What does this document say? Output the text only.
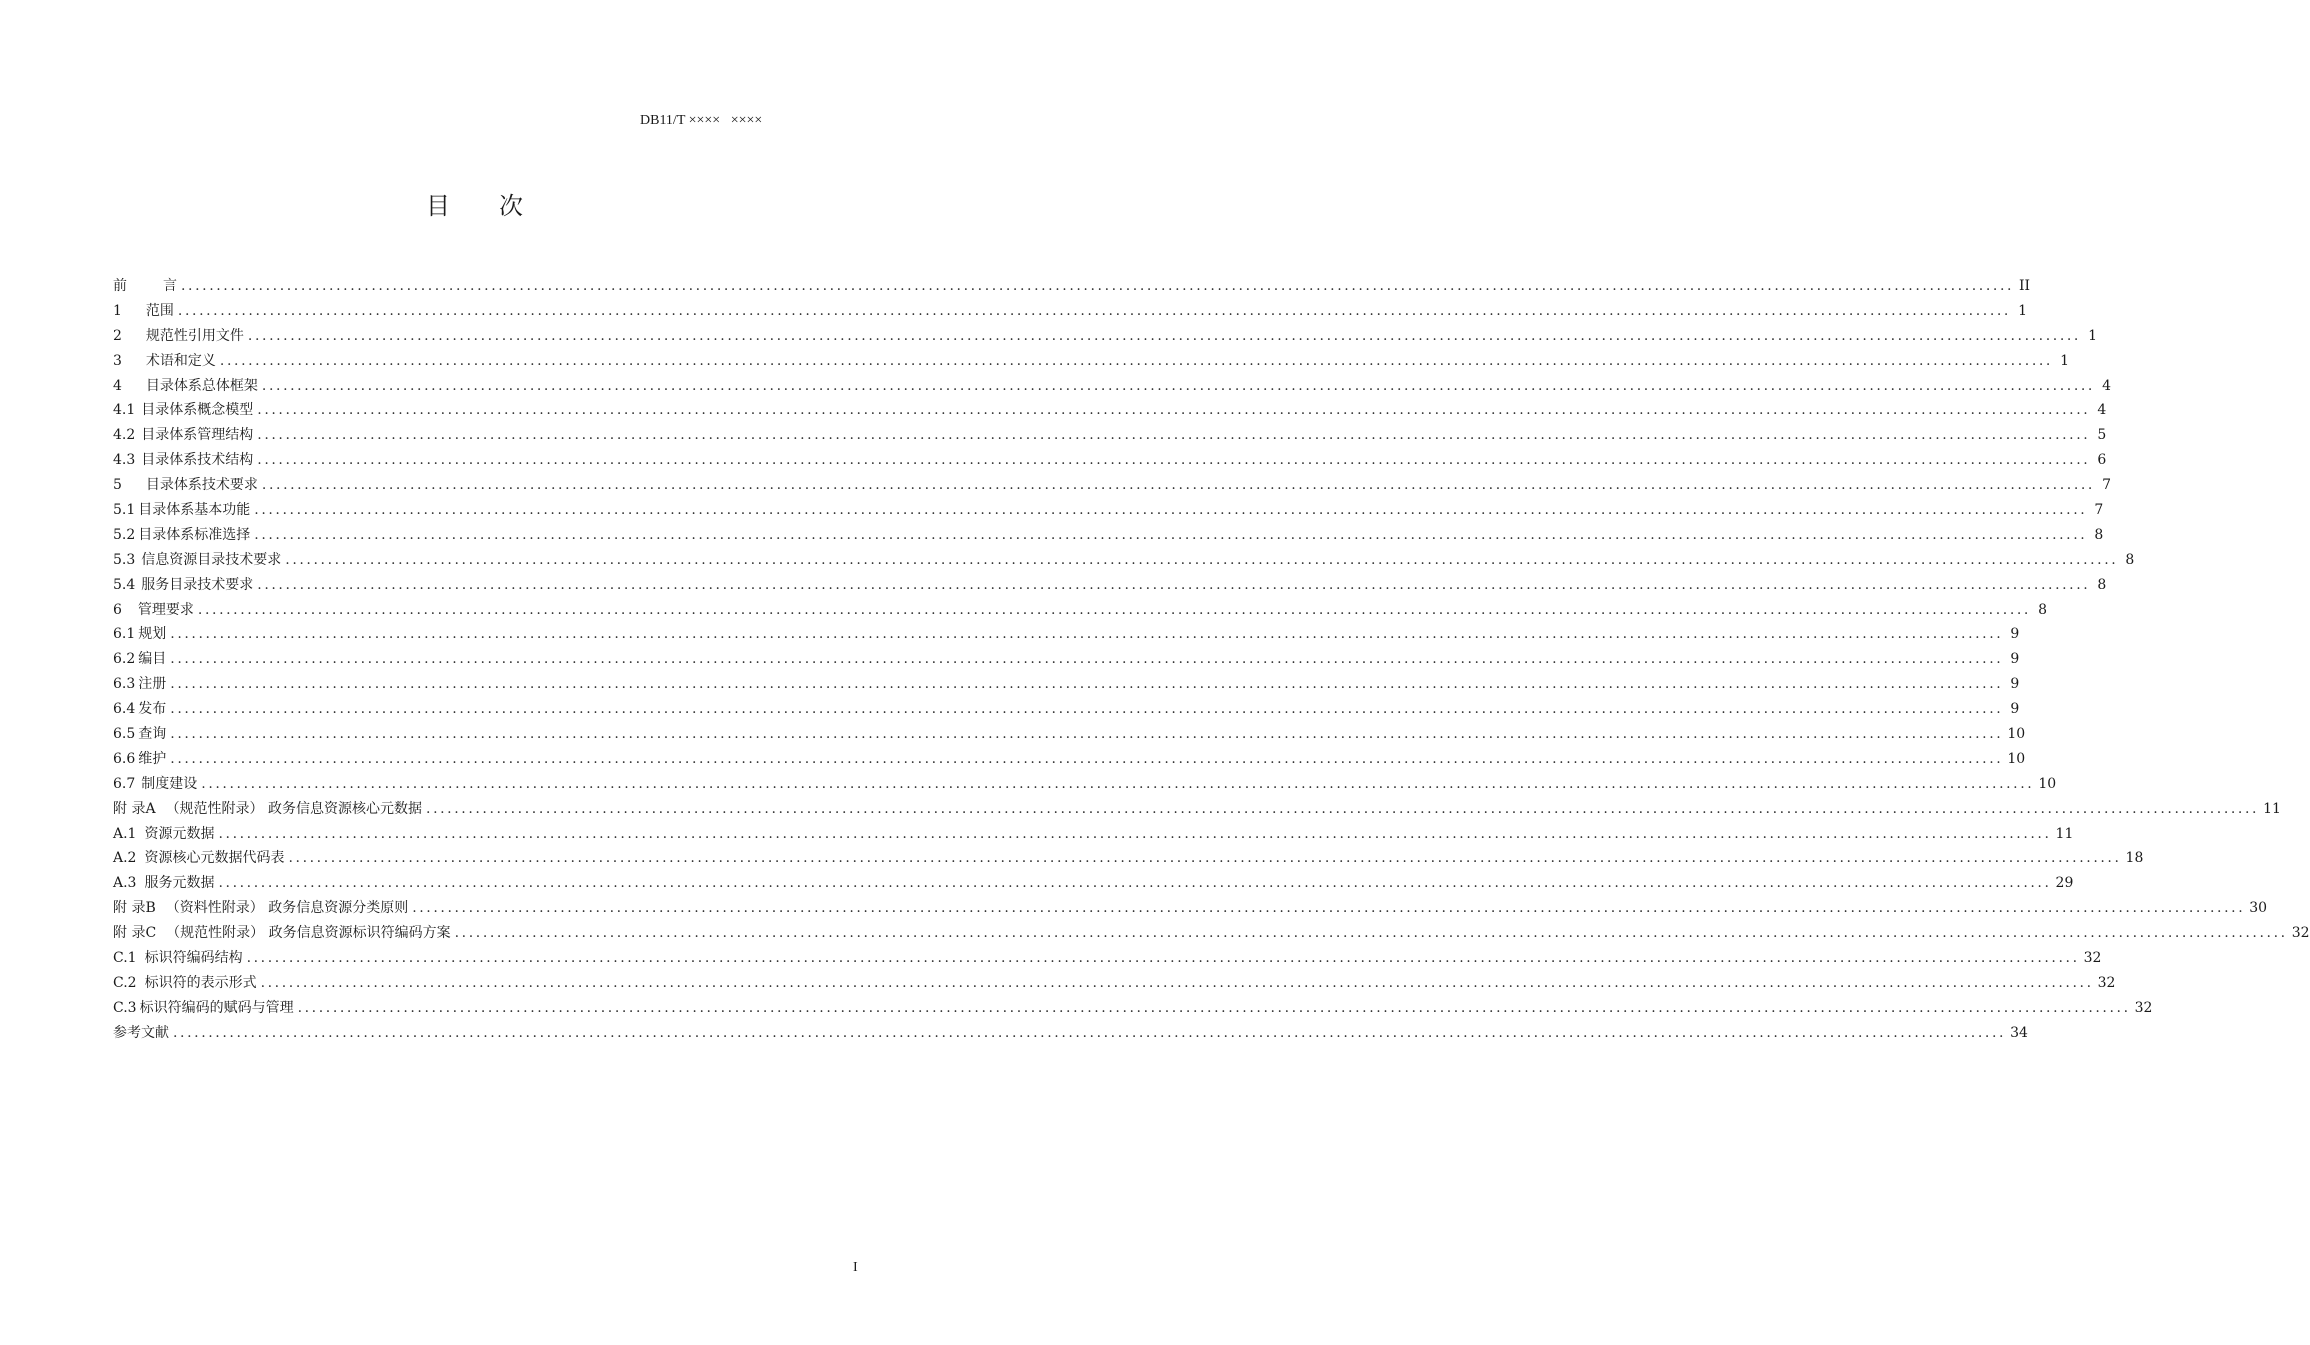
DB11/T ××××   ××××
目 次
前	言 .................................................................................................................................................................................................................................................................... II
1 范围 .................................................................................................................................................................................................................................................................... 1
2 规范性引用文件 .................................................................................................................................................................................................................................................................... 1
3 术语和定义 .................................................................................................................................................................................................................................................................... 1
4 目录体系总体框架 .................................................................................................................................................................................................................................................................... 4
4.1 目录体系概念模型 .................................................................................................................................................................................................................................................................... 4
4.2 目录体系管理结构 .................................................................................................................................................................................................................................................................... 5
4.3 目录体系技术结构 .................................................................................................................................................................................................................................................................... 6
5 目录体系技术要求 .................................................................................................................................................................................................................................................................... 7
5.1 目录体系基本功能 .................................................................................................................................................................................................................................................................... 7
5.2 目录体系标准选择 .................................................................................................................................................................................................................................................................... 8
5.3 信息资源目录技术要求 .................................................................................................................................................................................................................................................................... 8
5.4 服务目录技术要求 .................................................................................................................................................................................................................................................................... 8
6 管理要求 .................................................................................................................................................................................................................................................................... 8
6.1 规划 .................................................................................................................................................................................................................................................................... 9
6.2 编目 .................................................................................................................................................................................................................................................................... 9
6.3 注册 .................................................................................................................................................................................................................................................................... 9
6.4 发布 .................................................................................................................................................................................................................................................................... 9
6.5 查询 .................................................................................................................................................................................................................................................................... 10
6.6 维护 .................................................................................................................................................................................................................................................................... 10
6.7 制度建设 .................................................................................................................................................................................................................................................................... 10
附 录A （规范性附录） 政务信息资源核心元数据 .................................................................................................................................................................................................................................................................... 11
A.1 资源元数据 .................................................................................................................................................................................................................................................................... 11
A.2 资源核心元数据代码表 .................................................................................................................................................................................................................................................................... 18
A.3 服务元数据 .................................................................................................................................................................................................................................................................... 29
附 录B （资料性附录） 政务信息资源分类原则 .................................................................................................................................................................................................................................................................... 30
附 录C （规范性附录） 政务信息资源标识符编码方案 .................................................................................................................................................................................................................................................................... 32
C.1 标识符编码结构 .................................................................................................................................................................................................................................................................... 32
C.2 标识符的表示形式 .................................................................................................................................................................................................................................................................... 32
C.3 标识符编码的赋码与管理 .................................................................................................................................................................................................................................................................... 32
参考文献 .................................................................................................................................................................................................................................................................... 34
I
